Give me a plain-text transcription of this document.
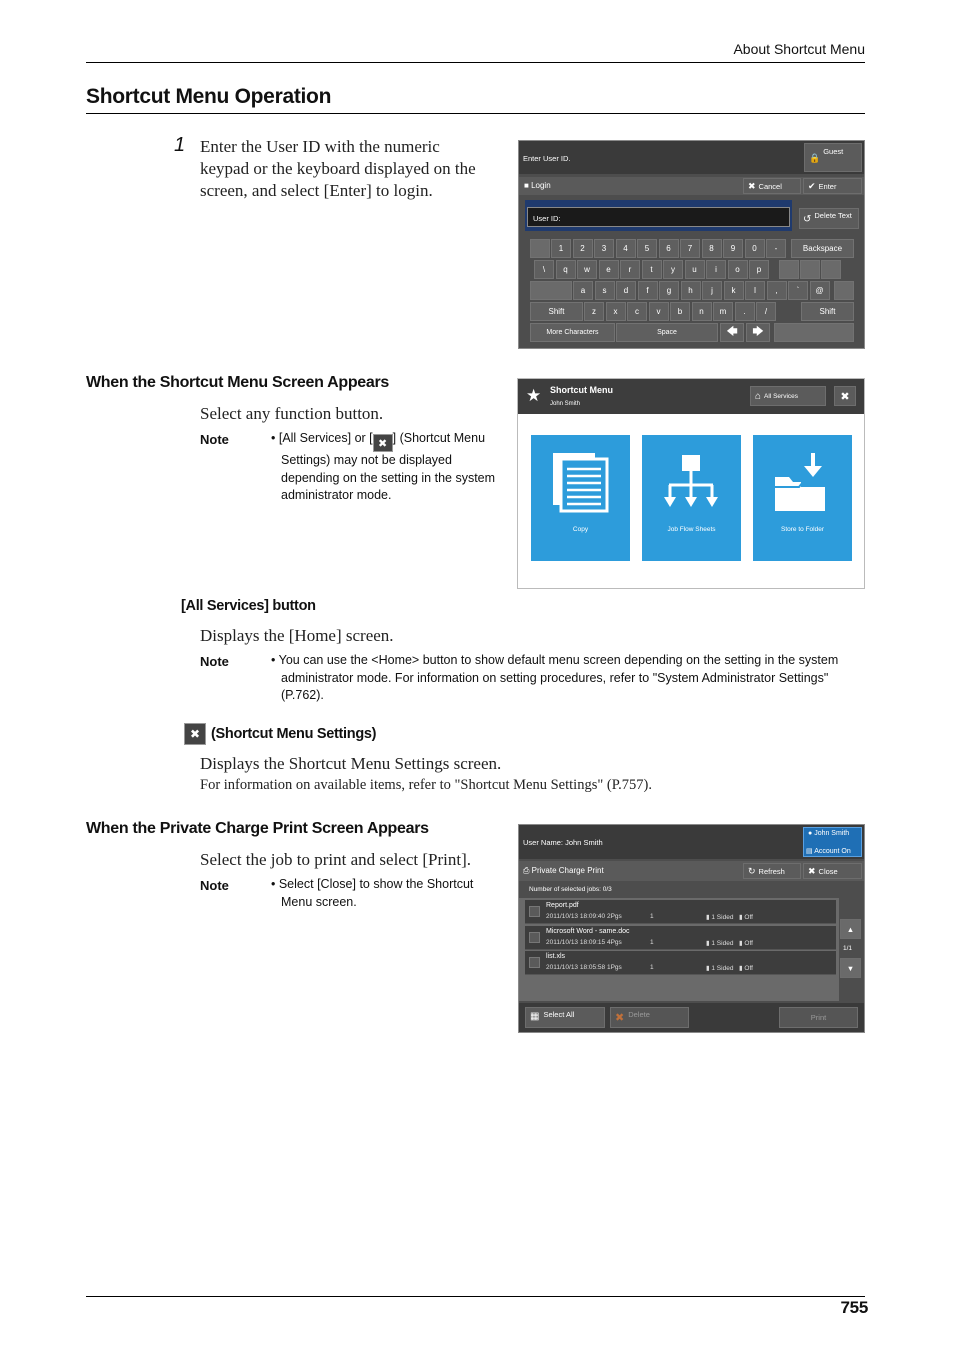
About Shortcut Menu
Shortcut Menu Operation
1 Enter the User ID with the numeric
keypad or the keyboard displayed on the
screen, and select [Enter] to login.
Enter User ID.	🔒
Guest
■ Login	✖ Cancel	✔ Enter
User ID:	↺ Delete Text
1	2	3	4	5	6	7	8	9	0	-
\	q	w	e	r	t	y	u	i	o	p
a	s	d	f	g	h	j	k	l	,	`	@
z	x	c	v	b	n	m	.	/
Backspace
Shift	Shift
More Characters	Space	🡄 🡆
When the Shortcut Menu Screen Appears
Select any function button.
Note	• [All Services] or [ ✖ ] (Shortcut Menu
Settings) may not be displayed
depending on the setting in the system
administrator mode.
★ Shortcut Menu
John Smith
⌂ All Services	✖
Copy	Job Flow Sheets	Store to Folder
[All Services] button
Displays the [Home] screen.
Note	• You can use the <Home> button to show default menu screen depending on the setting in the system
administrator mode. For information on setting procedures, refer to "System Administrator Settings"
(P.762).
✖ (Shortcut Menu Settings)
Displays the Shortcut Menu Settings screen.
For information on available items, refer to "Shortcut Menu Settings" (P.757).
When the Private Charge Print Screen Appears
Select the job to print and select [Print].
Note	• Select [Close] to show the Shortcut
Menu screen.
User Name: John Smith
● John Smith
▤ Account On
⎙ Private Charge Print	↻ Refresh	✖ Close
Number of selected jobs: 0/3
Report.pdf
2011/10/13 18:09:40 2Pgs	1	▮ 1 Sided ▮ Off
Microsoft Word - same.doc
2011/10/13 18:09:15 4Pgs	1	▮ 1 Sided ▮ Off
list.xls
2011/10/13 18:05:58 1Pgs	1	▮ 1 Sided ▮ Off
▲
1/1
▼
▦ Select All	✖ Delete	Print
755
